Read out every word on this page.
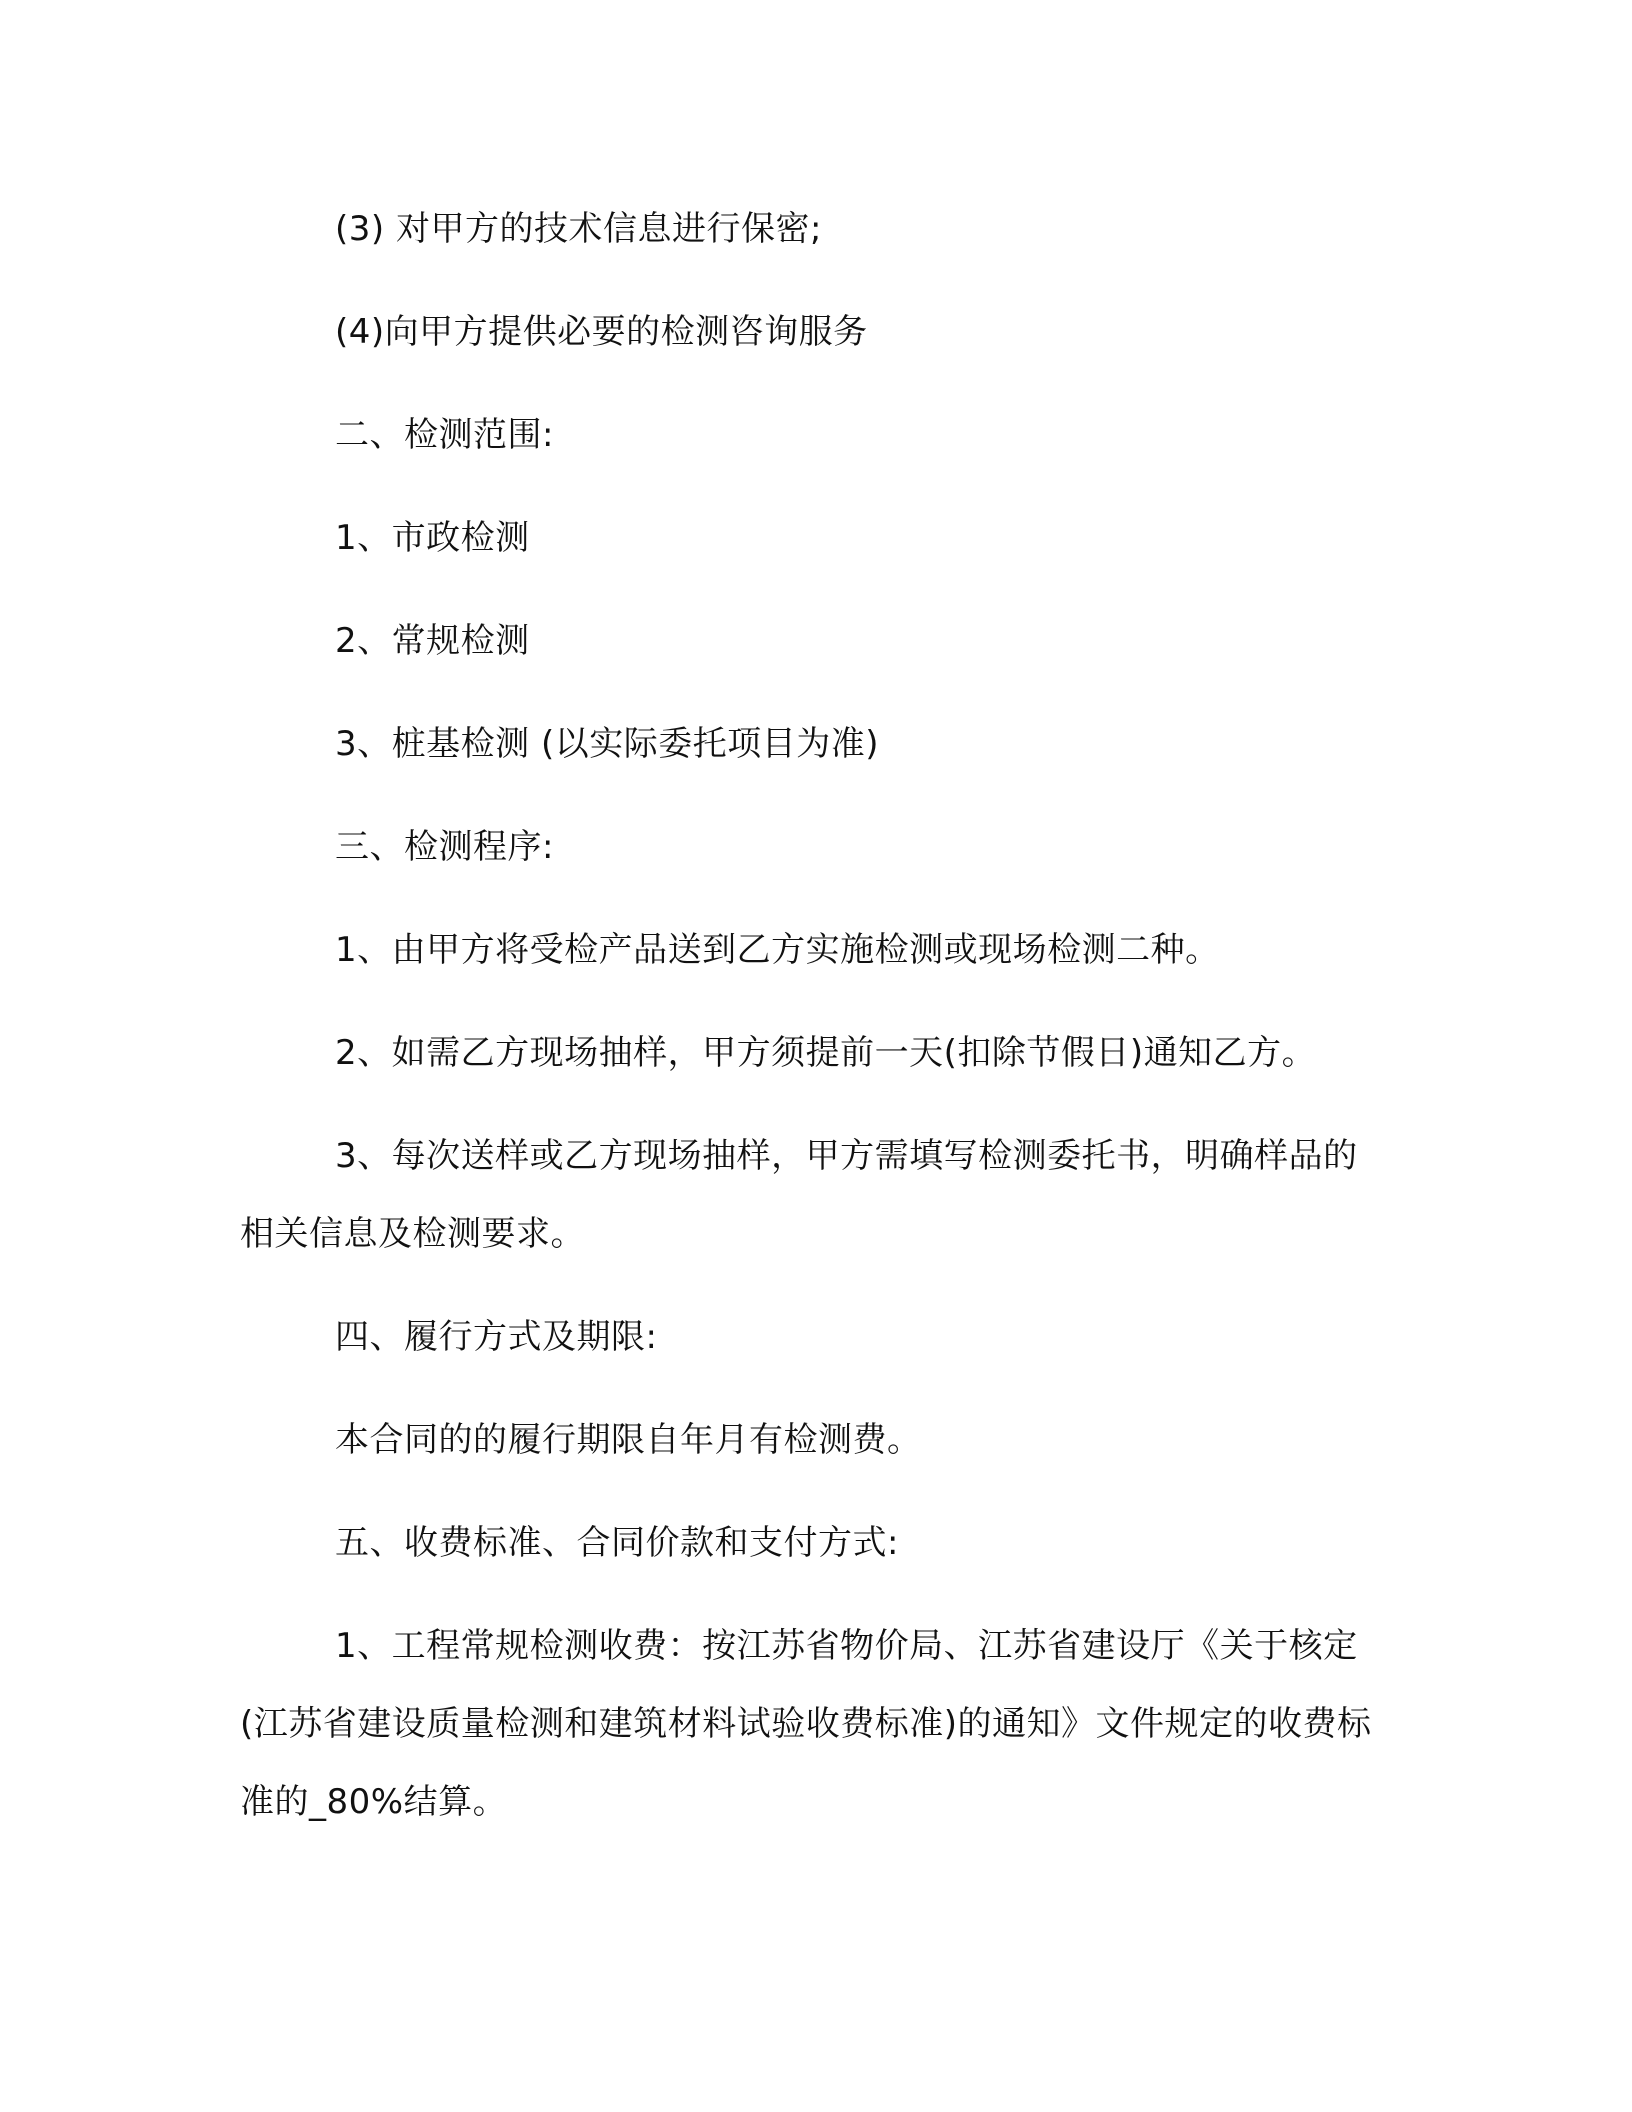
(3) 对甲方的技术信息进行保密;

(4)向甲方提供必要的检测咨询服务

二、检测范围:

1、市政检测

2、常规检测

3、桩基检测 (以实际委托项目为准)

三、检测程序:

1、由甲方将受检产品送到乙方实施检测或现场检测二种。

2、如需乙方现场抽样，甲方须提前一天(扣除节假日)通知乙方。

3、每次送样或乙方现场抽样，甲方需填写检测委托书，明确样品的相关信息及检测要求。

四、履行方式及期限:

本合同的的履行期限自年月有检测费。

五、收费标准、合同价款和支付方式:

1、工程常规检测收费：按江苏省物价局、江苏省建设厅《关于核定(江苏省建设质量检测和建筑材料试验收费标准)的通知》文件规定的收费标准的_80%结算。
